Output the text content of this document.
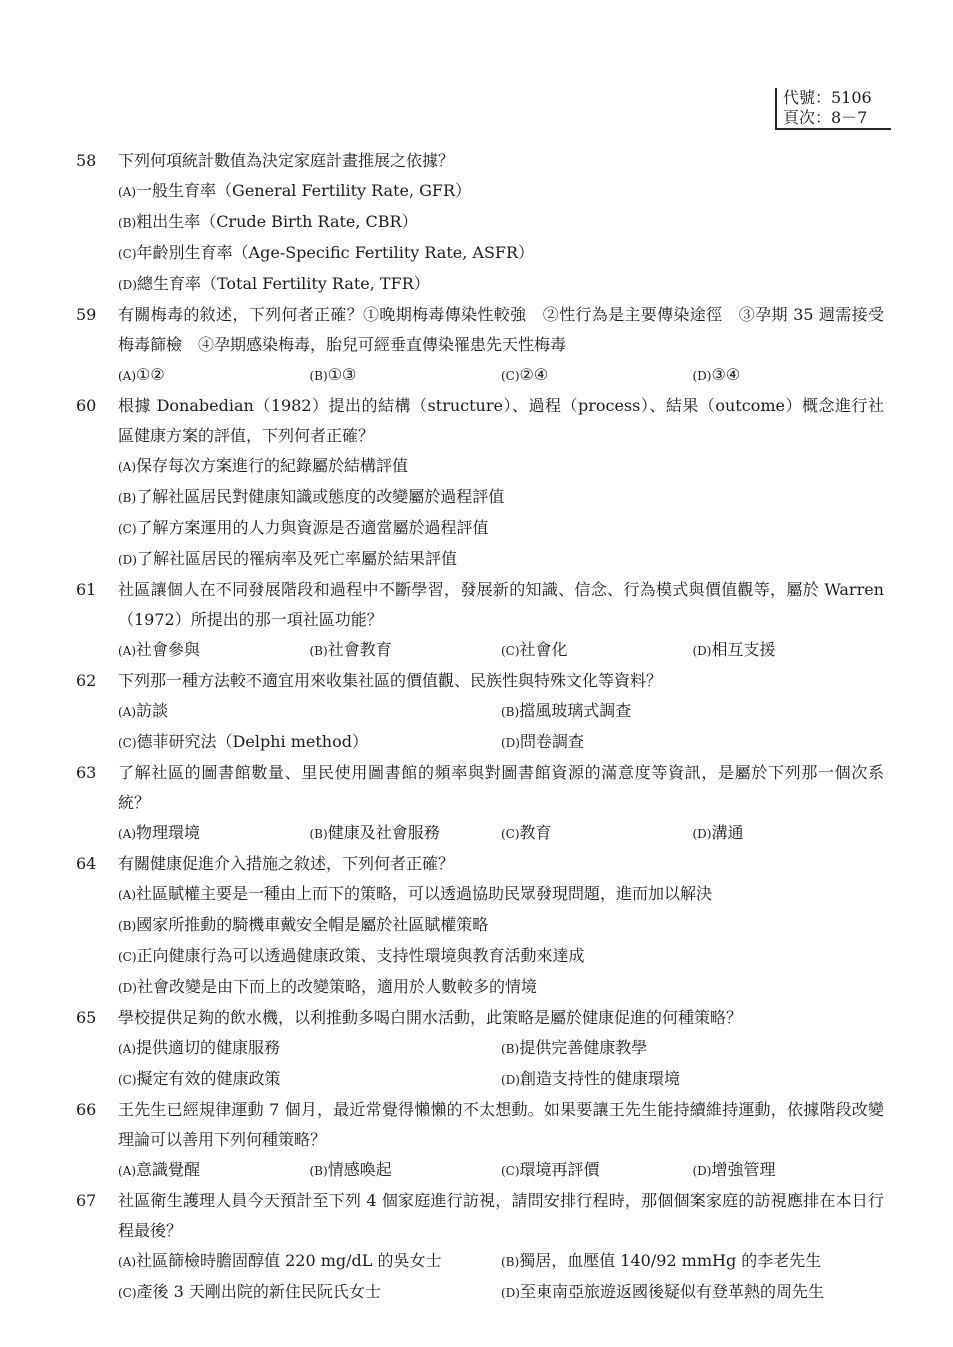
代號：5106
頁次：8－7
58	下列何項統計數值為決定家庭計畫推展之依據？
(A)一般生育率（General Fertility Rate, GFR）
(B)粗出生率（Crude Birth Rate, CBR）
(C)年齡別生育率（Age-Specific Fertility Rate, ASFR）
(D)總生育率（Total Fertility Rate, TFR）
59	有關梅毒的敘述，下列何者正確？①晚期梅毒傳染性較強　②性行為是主要傳染途徑　③孕期 35 週需接受梅毒篩檢　④孕期感染梅毒，胎兒可經垂直傳染罹患先天性梅毒
(A)①②	(B)①③	(C)②④	(D)③④
60	根據 Donabedian（1982）提出的結構（structure）、過程（process）、結果（outcome）概念進行社區健康方案的評值，下列何者正確？
(A)保存每次方案進行的紀錄屬於結構評值
(B)了解社區居民對健康知識或態度的改變屬於過程評值
(C)了解方案運用的人力與資源是否適當屬於過程評值
(D)了解社區居民的罹病率及死亡率屬於結果評值
61	社區讓個人在不同發展階段和過程中不斷學習，發展新的知識、信念、行為模式與價值觀等，屬於 Warren（1972）所提出的那一項社區功能？
(A)社會參與	(B)社會教育	(C)社會化	(D)相互支援
62	下列那一種方法較不適宜用來收集社區的價值觀、民族性與特殊文化等資料？
(A)訪談	(B)擋風玻璃式調查
(C)德菲研究法（Delphi method）	(D)問卷調查
63	了解社區的圖書館數量、里民使用圖書館的頻率與對圖書館資源的滿意度等資訊，是屬於下列那一個次系統？
(A)物理環境	(B)健康及社會服務	(C)教育	(D)溝通
64	有關健康促進介入措施之敘述，下列何者正確？
(A)社區賦權主要是一種由上而下的策略，可以透過協助民眾發現問題，進而加以解決
(B)國家所推動的騎機車戴安全帽是屬於社區賦權策略
(C)正向健康行為可以透過健康政策、支持性環境與教育活動來達成
(D)社會改變是由下而上的改變策略，適用於人數較多的情境
65	學校提供足夠的飲水機，以利推動多喝白開水活動，此策略是屬於健康促進的何種策略？
(A)提供適切的健康服務	(B)提供完善健康教學
(C)擬定有效的健康政策	(D)創造支持性的健康環境
66	王先生已經規律運動 7 個月，最近常覺得懶懶的不太想動。如果要讓王先生能持續維持運動，依據階段改變理論可以善用下列何種策略？
(A)意識覺醒	(B)情感喚起	(C)環境再評價	(D)增強管理
67	社區衛生護理人員今天預計至下列 4 個家庭進行訪視，請問安排行程時，那個個案家庭的訪視應排在本日行程最後？
(A)社區篩檢時膽固醇值 220 mg/dL 的吳女士	(B)獨居，血壓值 140/92 mmHg 的李老先生
(C)產後 3 天剛出院的新住民阮氏女士	(D)至東南亞旅遊返國後疑似有登革熱的周先生
